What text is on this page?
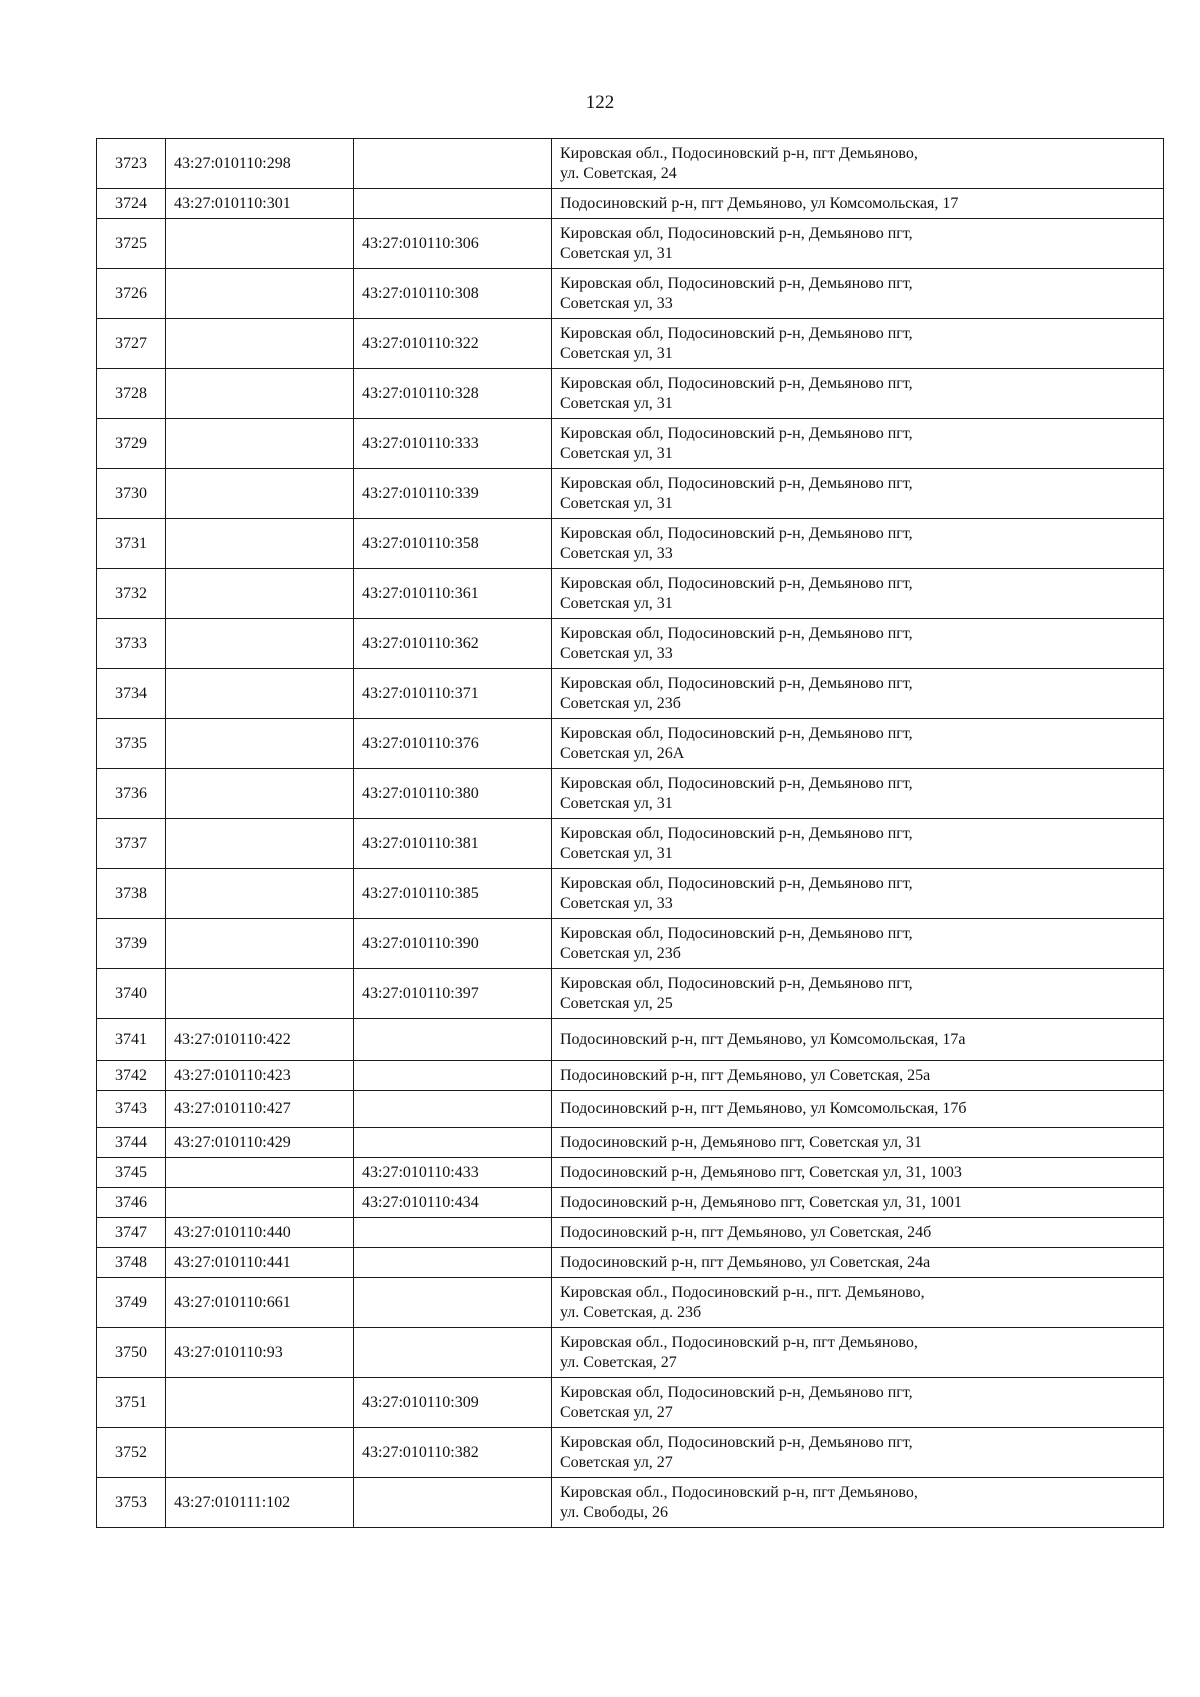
122
3723	43:27:010110:298		Кировская обл., Подосиновский р-н, пгт Демьяново,
ул. Советская, 24
3724	43:27:010110:301		Подосиновский р-н, пгт Демьяново, ул Комсомольская, 17
3725		43:27:010110:306	Кировская обл, Подосиновский р-н, Демьяново пгт,
Советская ул, 31
3726		43:27:010110:308	Кировская обл, Подосиновский р-н, Демьяново пгт,
Советская ул, 33
3727		43:27:010110:322	Кировская обл, Подосиновский р-н, Демьяново пгт,
Советская ул, 31
3728		43:27:010110:328	Кировская обл, Подосиновский р-н, Демьяново пгт,
Советская ул, 31
3729		43:27:010110:333	Кировская обл, Подосиновский р-н, Демьяново пгт,
Советская ул, 31
3730		43:27:010110:339	Кировская обл, Подосиновский р-н, Демьяново пгт,
Советская ул, 31
3731		43:27:010110:358	Кировская обл, Подосиновский р-н, Демьяново пгт,
Советская ул, 33
3732		43:27:010110:361	Кировская обл, Подосиновский р-н, Демьяново пгт,
Советская ул, 31
3733		43:27:010110:362	Кировская обл, Подосиновский р-н, Демьяново пгт,
Советская ул, 33
3734		43:27:010110:371	Кировская обл, Подосиновский р-н, Демьяново пгт,
Советская ул, 23б
3735		43:27:010110:376	Кировская обл, Подосиновский р-н, Демьяново пгт,
Советская ул, 26А
3736		43:27:010110:380	Кировская обл, Подосиновский р-н, Демьяново пгт,
Советская ул, 31
3737		43:27:010110:381	Кировская обл, Подосиновский р-н, Демьяново пгт,
Советская ул, 31
3738		43:27:010110:385	Кировская обл, Подосиновский р-н, Демьяново пгт,
Советская ул, 33
3739		43:27:010110:390	Кировская обл, Подосиновский р-н, Демьяново пгт,
Советская ул, 23б
3740		43:27:010110:397	Кировская обл, Подосиновский р-н, Демьяново пгт,
Советская ул, 25
3741	43:27:010110:422		Подосиновский р-н, пгт Демьяново, ул Комсомольская, 17а
3742	43:27:010110:423		Подосиновский р-н, пгт Демьяново, ул Советская, 25а
3743	43:27:010110:427		Подосиновский р-н, пгт Демьяново, ул Комсомольская, 17б
3744	43:27:010110:429		Подосиновский р-н, Демьяново пгт, Советская ул, 31
3745		43:27:010110:433	Подосиновский р-н, Демьяново пгт, Советская ул, 31, 1003
3746		43:27:010110:434	Подосиновский р-н, Демьяново пгт, Советская ул, 31, 1001
3747	43:27:010110:440		Подосиновский р-н, пгт Демьяново, ул Советская, 24б
3748	43:27:010110:441		Подосиновский р-н, пгт Демьяново, ул Советская, 24а
3749	43:27:010110:661		Кировская обл., Подосиновский р-н., пгт. Демьяново,
ул. Советская, д. 23б
3750	43:27:010110:93		Кировская обл., Подосиновский р-н, пгт Демьяново,
ул. Советская, 27
3751		43:27:010110:309	Кировская обл, Подосиновский р-н, Демьяново пгт,
Советская ул, 27
3752		43:27:010110:382	Кировская обл, Подосиновский р-н, Демьяново пгт,
Советская ул, 27
3753	43:27:010111:102		Кировская обл., Подосиновский р-н, пгт Демьяново,
ул. Свободы, 26
